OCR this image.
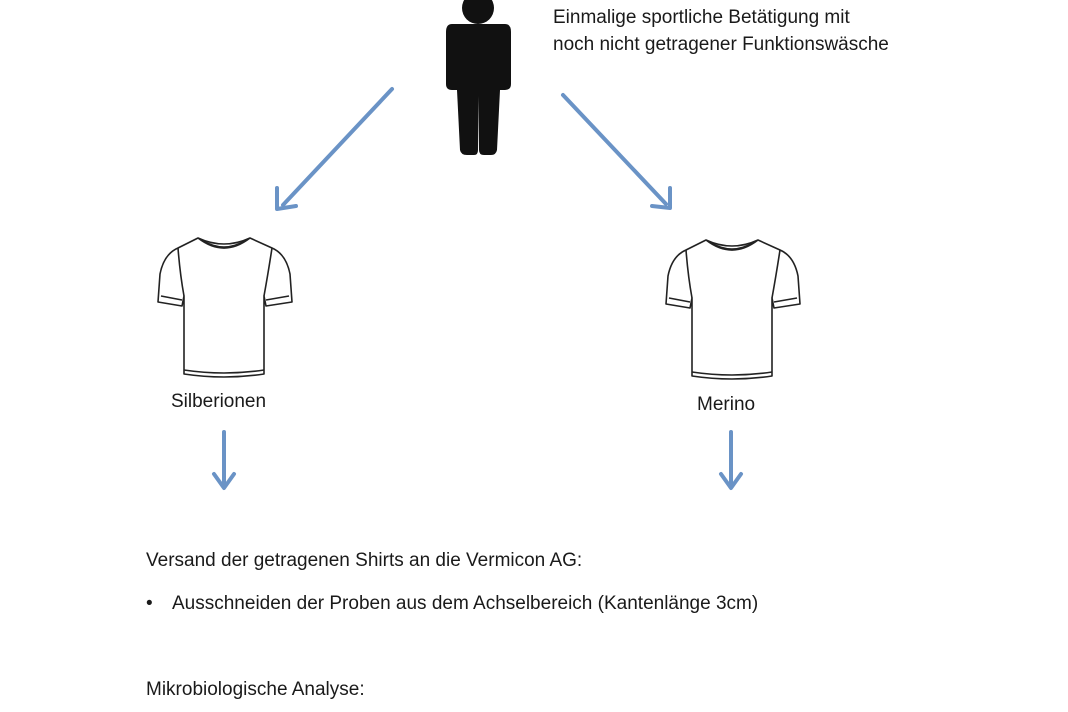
Einmalige sportliche Betätigung mit
noch nicht getragener Funktionswäsche
Silberionen	Merino
Versand der getragenen Shirts an die Vermicon AG:
•	Ausschneiden der Proben aus dem Achselbereich (Kantenlänge 3cm)
Mikrobiologische Analyse:
